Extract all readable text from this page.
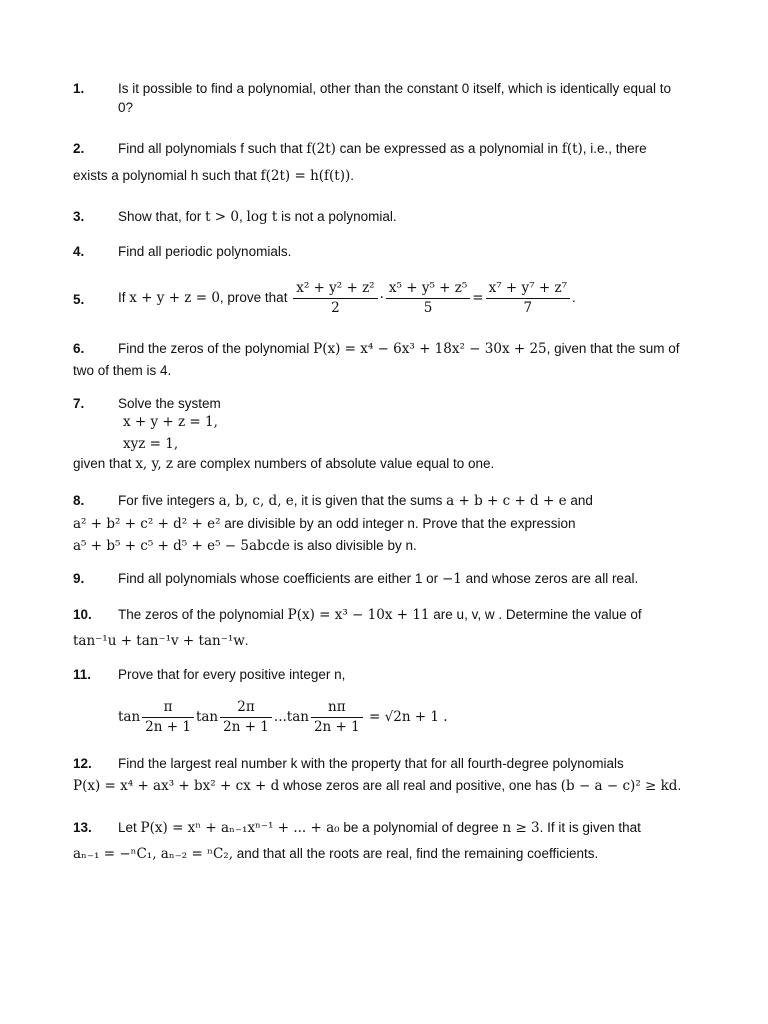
1. Is it possible to find a polynomial, other than the constant 0 itself, which is identically equal to
0?
2. Find all polynomials f such that f(2t) can be expressed as a polynomial in f(t), i.e., there
exists a polynomial h such that f(2t) = h(f(t)).
3. Show that, for t > 0, log t is not a polynomial.
4. Find all periodic polynomials.
5. If x + y + z = 0, prove that $\frac{\text{x² + y² + z²}}{2} \cdot \frac{\text{x⁵ + y⁵ + z⁵}}{5} = \frac{\text{x⁷ + y⁷ + z⁷}}{7}$ .
6. Find the zeros of the polynomial P(x) = x⁴ − 6x³ + 18x² − 30x + 25, given that the sum of
two of them is 4.
7. Solve the system
x + y + z = 1,
xyz = 1,
given that x, y, z are complex numbers of absolute value equal to one.
8. For five integers a, b, c, d, e, it is given that the sums a + b + c + d + e and
a² + b² + c² + d² + e² are divisible by an odd integer n. Prove that the expression
a⁵ + b⁵ + c⁵ + d⁵ + e⁵ − 5abcde is also divisible by n.
9. Find all polynomials whose coefficients are either 1 or −1 and whose zeros are all real.
10. The zeros of the polynomial P(x) = x³ − 10x + 11 are u, v, w . Determine the value of
tan⁻¹u + tan⁻¹v + tan⁻¹w.
11. Prove that for every positive integer n,
$\tan \frac{\pi}{2n + 1}$ $\tan \frac{2\pi}{2n + 1} ...\tan \frac{n\pi}{2n + 1} = √2n + 1$ .
12. Find the largest real number k with the property that for all fourth-degree polynomials
P(x) = x⁴ + ax³ + bx² + cx + d whose zeros are all real and positive, one has (b − a − c)² ≥ kd.
13. Let P(x) = xⁿ + aₙ₋₁xⁿ⁻¹ + ... + a₀ be a polynomial of degree n ≥ 3. If it is given that
aₙ₋₁ = −ⁿC₁, aₙ₋₂ = ⁿC₂, and that all the roots are real, find the remaining coefficients.
